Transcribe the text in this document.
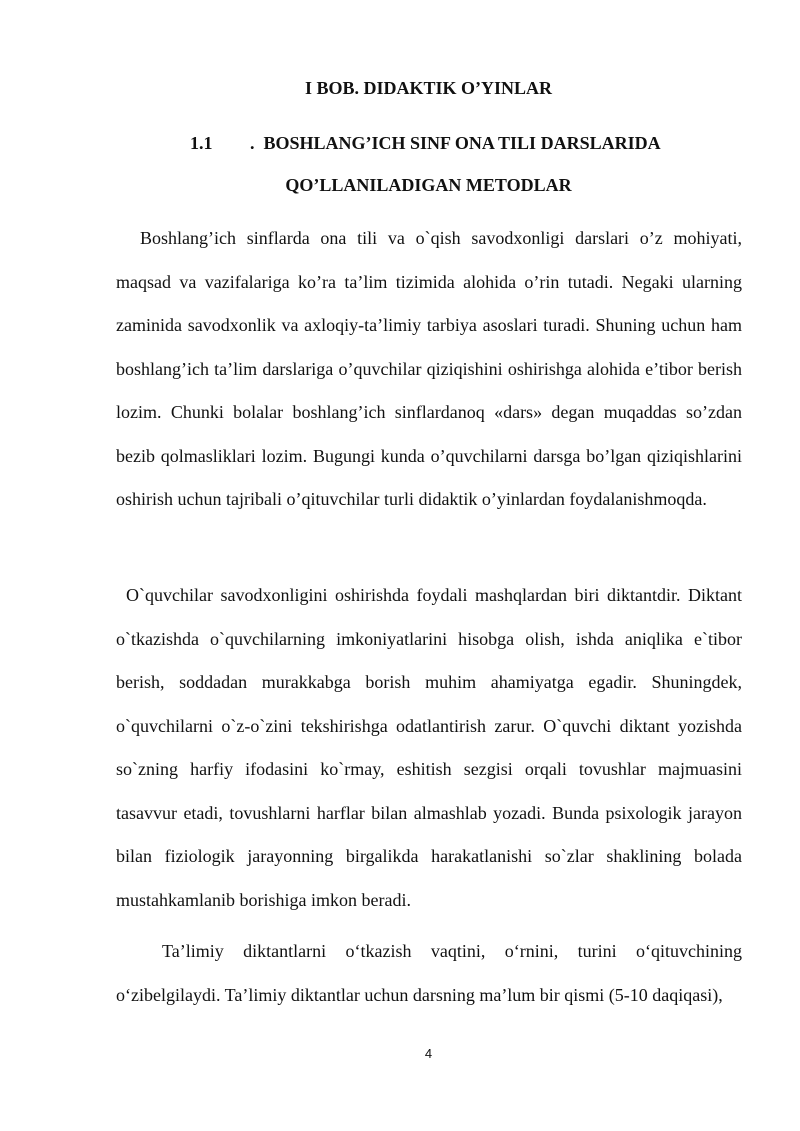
I BOB. DIDAKTIK O’YINLAR
1.1 . BOSHLANG’ICH SINF ONA TILI DARSLARIDA
QO’LLANILADIGAN METODLAR

Boshlang’ich sinflarda ona tili va o`qish savodxonligi darslari o’z mohiyati, maqsad va vazifalariga ko’ra ta’lim tizimida alohida o’rin tutadi. Negaki ularning zaminida savodxonlik va axloqiy-ta’limiy tarbiya asoslari turadi. Shuning uchun ham boshlang’ich ta’lim darslariga o’quvchilar qiziqishini oshirishga alohida e’tibor berish lozim. Chunki bolalar boshlang’ich sinflardanoq «dars» degan muqaddas so’zdan bezib qolmasliklari lozim. Bugungi kunda o’quvchilarni darsga bo’lgan qiziqishlarini oshirish uchun tajribali o’qituvchilar turli didaktik o’yinlardan foydalanishmoqda.

O`quvchilar savodxonligini oshirishda foydali mashqlardan biri diktantdir. Diktant o`tkazishda o`quvchilarning imkoniyatlarini hisobga olish, ishda aniqlika e`tibor berish, soddadan murakkabga borish muhim ahamiyatga egadir. Shuningdek, o`quvchilarni o`z-o`zini tekshirishga odatlantirish zarur. O`quvchi diktant yozishda so`zning harfiy ifodasini ko`rmay, eshitish sezgisi orqali tovushlar majmuasini tasavvur etadi, tovushlarni harflar bilan almashlab yozadi. Bunda psixologik jarayon bilan fiziologik jarayonning birgalikda harakatlanishi so`zlar shaklining bolada mustahkamlanib borishiga imkon beradi.

Ta’limiy diktantlarni o‘tkazish vaqtini, o‘rnini, turini o‘qituvchining o‘zibelgilaydi. Ta’limiy diktantlar uchun darsning ma’lum bir qismi (5-10 daqiqasi),

4
